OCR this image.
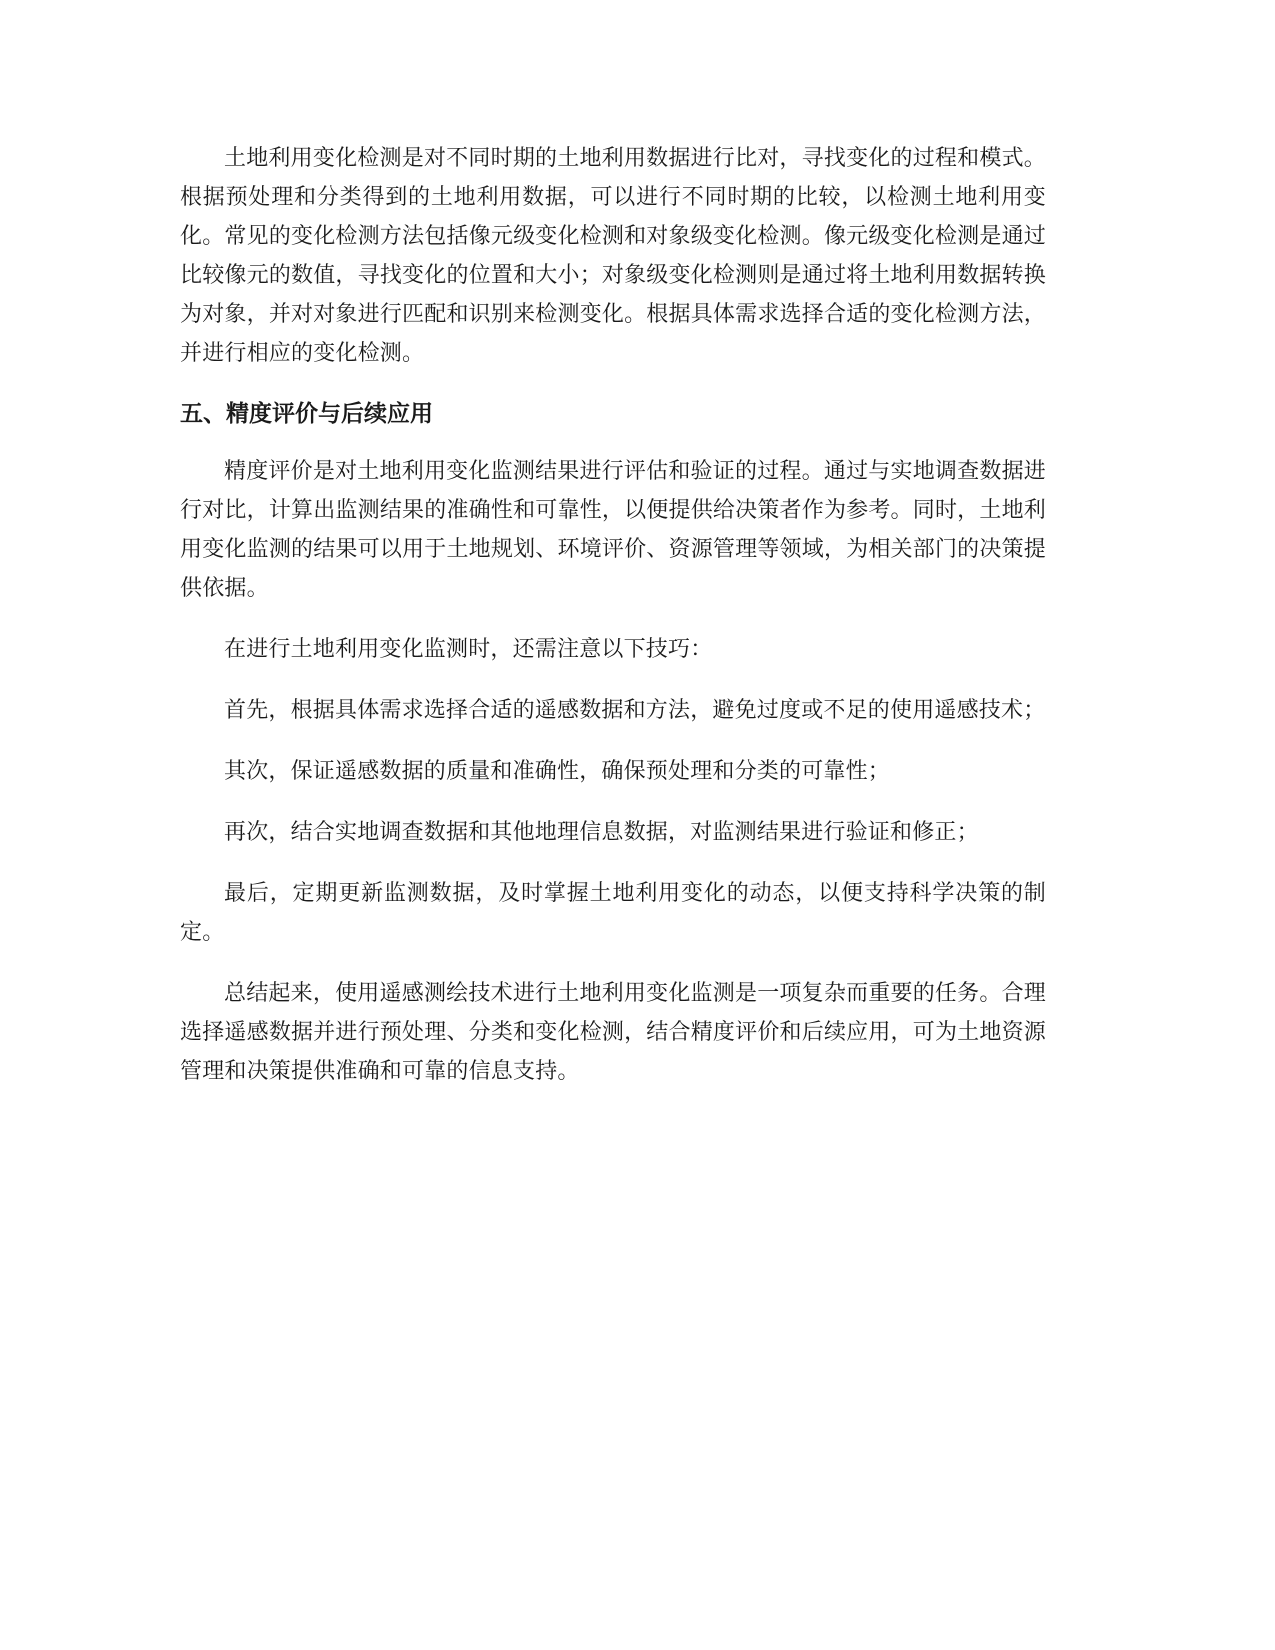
土地利用变化检测是对不同时期的土地利用数据进行比对，寻找变化的过程和模式。根据预处理和分类得到的土地利用数据，可以进行不同时期的比较，以检测土地利用变化。常见的变化检测方法包括像元级变化检测和对象级变化检测。像元级变化检测是通过比较像元的数值，寻找变化的位置和大小；对象级变化检测则是通过将土地利用数据转换为对象，并对对象进行匹配和识别来检测变化。根据具体需求选择合适的变化检测方法，并进行相应的变化检测。

五、精度评价与后续应用

精度评价是对土地利用变化监测结果进行评估和验证的过程。通过与实地调查数据进行对比，计算出监测结果的准确性和可靠性，以便提供给决策者作为参考。同时，土地利用变化监测的结果可以用于土地规划、环境评价、资源管理等领域，为相关部门的决策提供依据。

在进行土地利用变化监测时，还需注意以下技巧：

首先，根据具体需求选择合适的遥感数据和方法，避免过度或不足的使用遥感技术；

其次，保证遥感数据的质量和准确性，确保预处理和分类的可靠性；

再次，结合实地调查数据和其他地理信息数据，对监测结果进行验证和修正；

最后，定期更新监测数据，及时掌握土地利用变化的动态，以便支持科学决策的制定。

总结起来，使用遥感测绘技术进行土地利用变化监测是一项复杂而重要的任务。合理选择遥感数据并进行预处理、分类和变化检测，结合精度评价和后续应用，可为土地资源管理和决策提供准确和可靠的信息支持。
